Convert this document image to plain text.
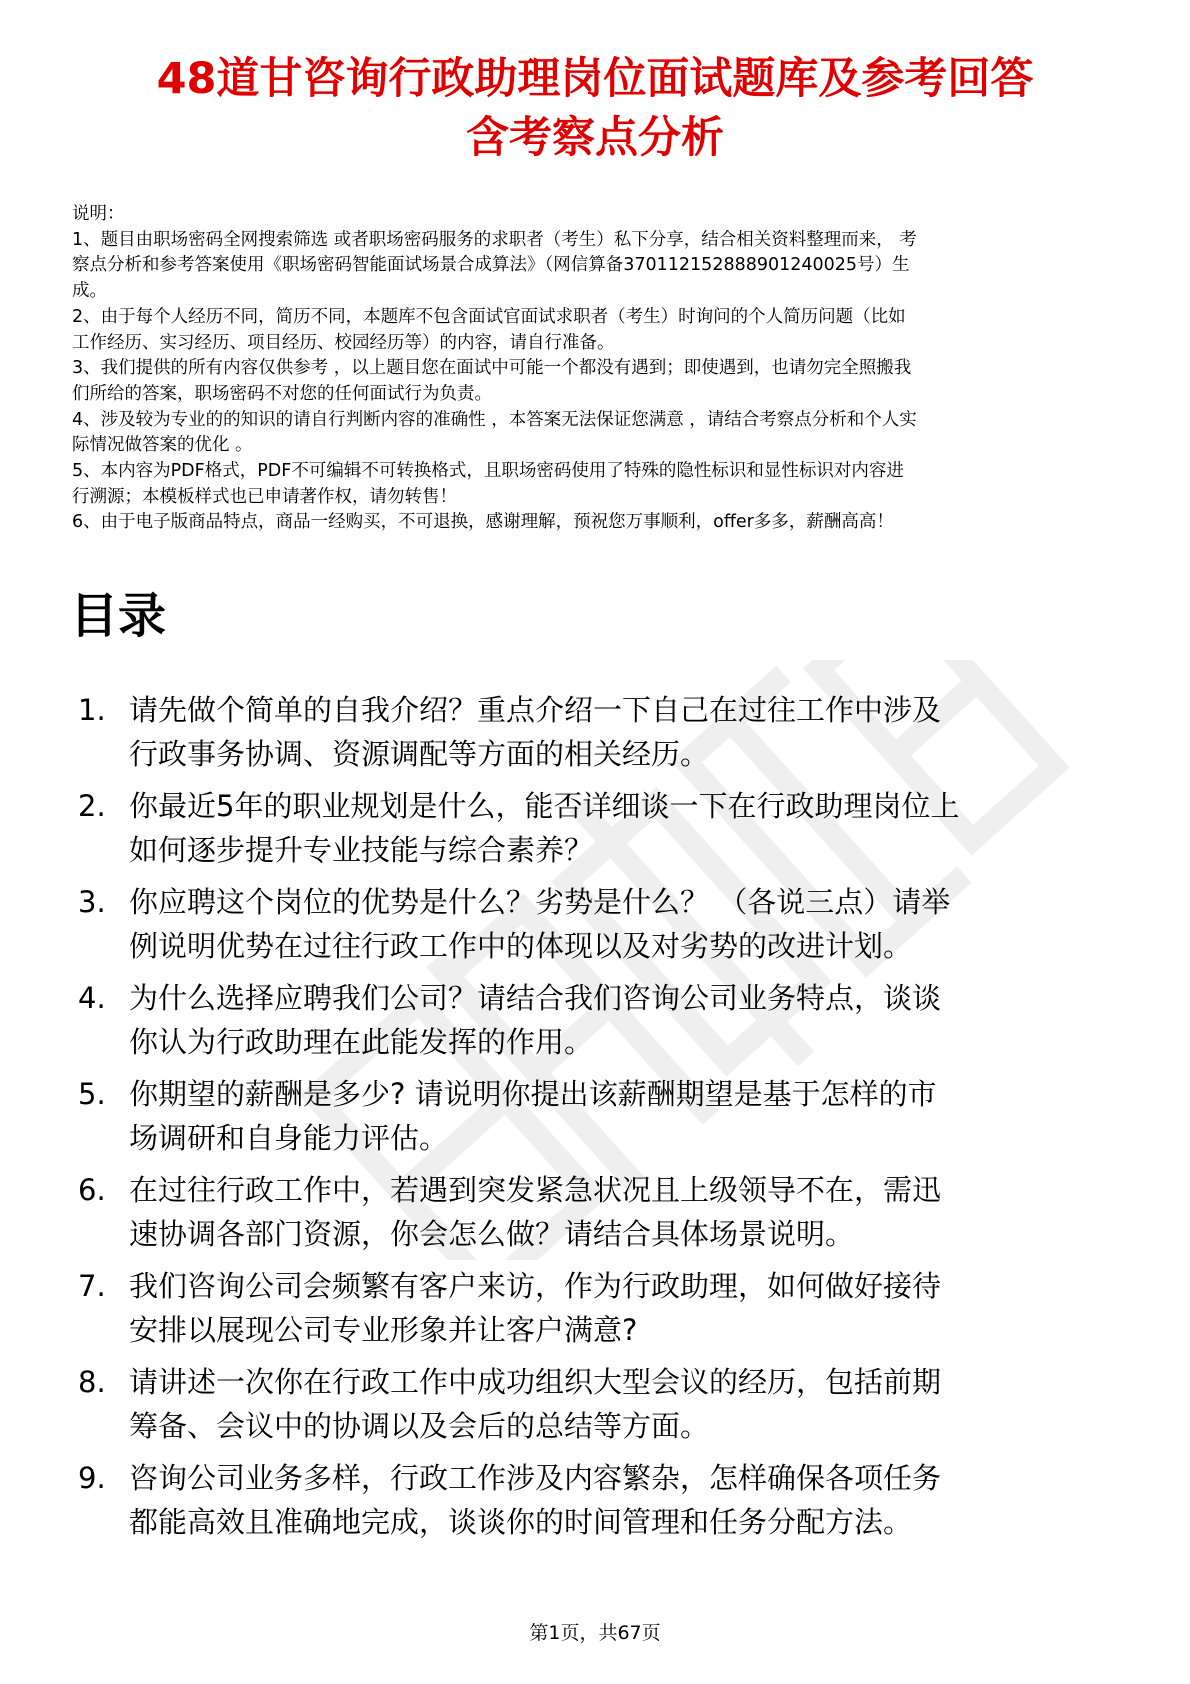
48道甘咨询行政助理岗位面试题库及参考回答
含考察点分析
说明：
1、题目由职场密码全网搜索筛选 或者职场密码服务的求职者（考生）私下分享，结合相关资料整理而来， 考
察点分析和参考答案使用《职场密码智能面试场景合成算法》（网信算备370112152888901240025号）生
成。
2、由于每个人经历不同，简历不同，本题库不包含面试官面试求职者（考生）时询问的个人简历问题（比如
工作经历、实习经历、项目经历、校园经历等）的内容，请自行准备。
3、我们提供的所有内容仅供参考 ，以上题目您在面试中可能一个都没有遇到；即使遇到，也请勿完全照搬我
们所给的答案，职场密码不对您的任何面试行为负责。
4、涉及较为专业的的知识的请自行判断内容的准确性 ，本答案无法保证您满意 ，请结合考察点分析和个人实
际情况做答案的优化 。
5、本内容为PDF格式，PDF不可编辑不可转换格式，且职场密码使用了特殊的隐性标识和显性标识对内容进
行溯源；本模板样式也已申请著作权，请勿转售！
6、由于电子版商品特点，商品一经购买，不可退换，感谢理解，预祝您万事顺利，offer多多，薪酬高高！
目录
1. 请先做个简单的自我介绍？重点介绍一下自己在过往工作中涉及
行政事务协调、资源调配等方面的相关经历。
2. 你最近5年的职业规划是什么，能否详细谈一下在行政助理岗位上
如何逐步提升专业技能与综合素养？
3. 你应聘这个岗位的优势是什么？劣势是什么？ （各说三点）请举
例说明优势在过往行政工作中的体现以及对劣势的改进计划。
4. 为什么选择应聘我们公司？请结合我们咨询公司业务特点，谈谈
你认为行政助理在此能发挥的作用。
5. 你期望的薪酬是多少? 请说明你提出该薪酬期望是基于怎样的市
场调研和自身能力评估。
6. 在过往行政工作中，若遇到突发紧急状况且上级领导不在，需迅
速协调各部门资源，你会怎么做？请结合具体场景说明。
7. 我们咨询公司会频繁有客户来访，作为行政助理，如何做好接待
安排以展现公司专业形象并让客户满意?
8. 请讲述一次你在行政工作中成功组织大型会议的经历，包括前期
筹备、会议中的协调以及会后的总结等方面。
9. 咨询公司业务多样，行政工作涉及内容繁杂，怎样确保各项任务
都能高效且准确地完成，谈谈你的时间管理和任务分配方法。
第1页，共67页
